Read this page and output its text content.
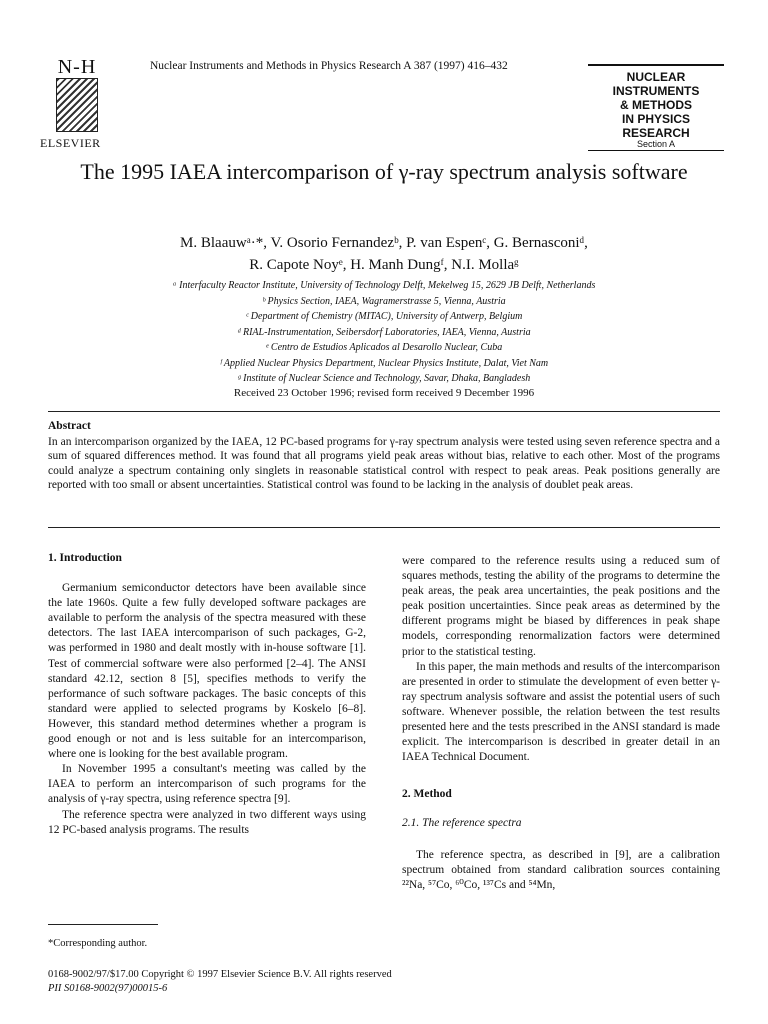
N-H
ELSEVIER
Nuclear Instruments and Methods in Physics Research A 387 (1997) 416–432
NUCLEAR
INSTRUMENTS
& METHODS
IN PHYSICS
RESEARCH
Section A
The 1995 IAEA intercomparison of γ-ray spectrum analysis software
M. Blaauwᵃ·*, V. Osorio Fernandezᵇ, P. van Espenᶜ, G. Bernasconiᵈ,
R. Capote Noyᵉ, H. Manh Dungᶠ, N.I. Mollaᵍ
ᵃ Interfaculty Reactor Institute, University of Technology Delft, Mekelweg 15, 2629 JB Delft, Netherlands
ᵇ Physics Section, IAEA, Wagramerstrasse 5, Vienna, Austria
ᶜ Department of Chemistry (MITAC), University of Antwerp, Belgium
ᵈ RIAL-Instrumentation, Seibersdorf Laboratories, IAEA, Vienna, Austria
ᵉ Centro de Estudios Aplicados al Desarollo Nuclear, Cuba
ᶠ Applied Nuclear Physics Department, Nuclear Physics Institute, Dalat, Viet Nam
ᵍ Institute of Nuclear Science and Technology, Savar, Dhaka, Bangladesh
Received 23 October 1996; revised form received 9 December 1996
Abstract
In an intercomparison organized by the IAEA, 12 PC-based programs for γ-ray spectrum analysis were tested using seven reference spectra and a sum of squared differences method. It was found that all programs yield peak areas without bias, relative to each other. Most of the programs could analyze a spectrum containing only singlets in reasonable statistical control with respect to peak areas. Peak positions generally are reported with too small or absent uncertainties. Statistical control was found to be lacking in the analysis of doublet peak areas.
1. Introduction

Germanium semiconductor detectors have been available since the late 1960s. Quite a few fully developed software packages are available to perform the analysis of the spectra measured with these detectors. The last IAEA intercomparison of such packages, G-2, was performed in 1980 and dealt mostly with in-house software [1]. Test of commercial software were also performed [2–4]. The ANSI standard 42.12, section 8 [5], specifies methods to verify the performance of such software packages. The basic concepts of this standard were applied to selected programs by Koskelo [6–8]. However, this standard method determines whether a program is good enough or not and is less suitable for an intercomparison, where one is looking for the best available program.

In November 1995 a consultant's meeting was called by the IAEA to perform an intercomparison of such programs for the analysis of γ-ray spectra, using reference spectra [9].

The reference spectra were analyzed in two different ways using 12 PC-based analysis programs. The results

*Corresponding author.

were compared to the reference results using a reduced sum of squares methods, testing the ability of the programs to determine the peak areas, the peak area uncertainties, the peak positions and the peak position uncertainties. Since peak areas as determined by the different programs might be biased by differences in peak shape models, corresponding renormalization factors were determined prior to the statistical testing.

In this paper, the main methods and results of the intercomparison are presented in order to stimulate the development of even better γ-ray spectrum analysis software and assist the potential users of such software. Whenever possible, the relation between the test results presented here and the tests prescribed in the ANSI standard is made explicit. The intercomparison is described in greater detail in an IAEA Technical Document.

2. Method
2.1. The reference spectra

The reference spectra, as described in [9], are a calibration spectrum obtained from standard calibration sources containing ²²Na, ⁵⁷Co, ⁶⁰Co, ¹³⁷Cs and ⁵⁴Mn,

0168-9002/97/$17.00 Copyright © 1997 Elsevier Science B.V. All rights reserved
PII S0168-9002(97)00015-6
